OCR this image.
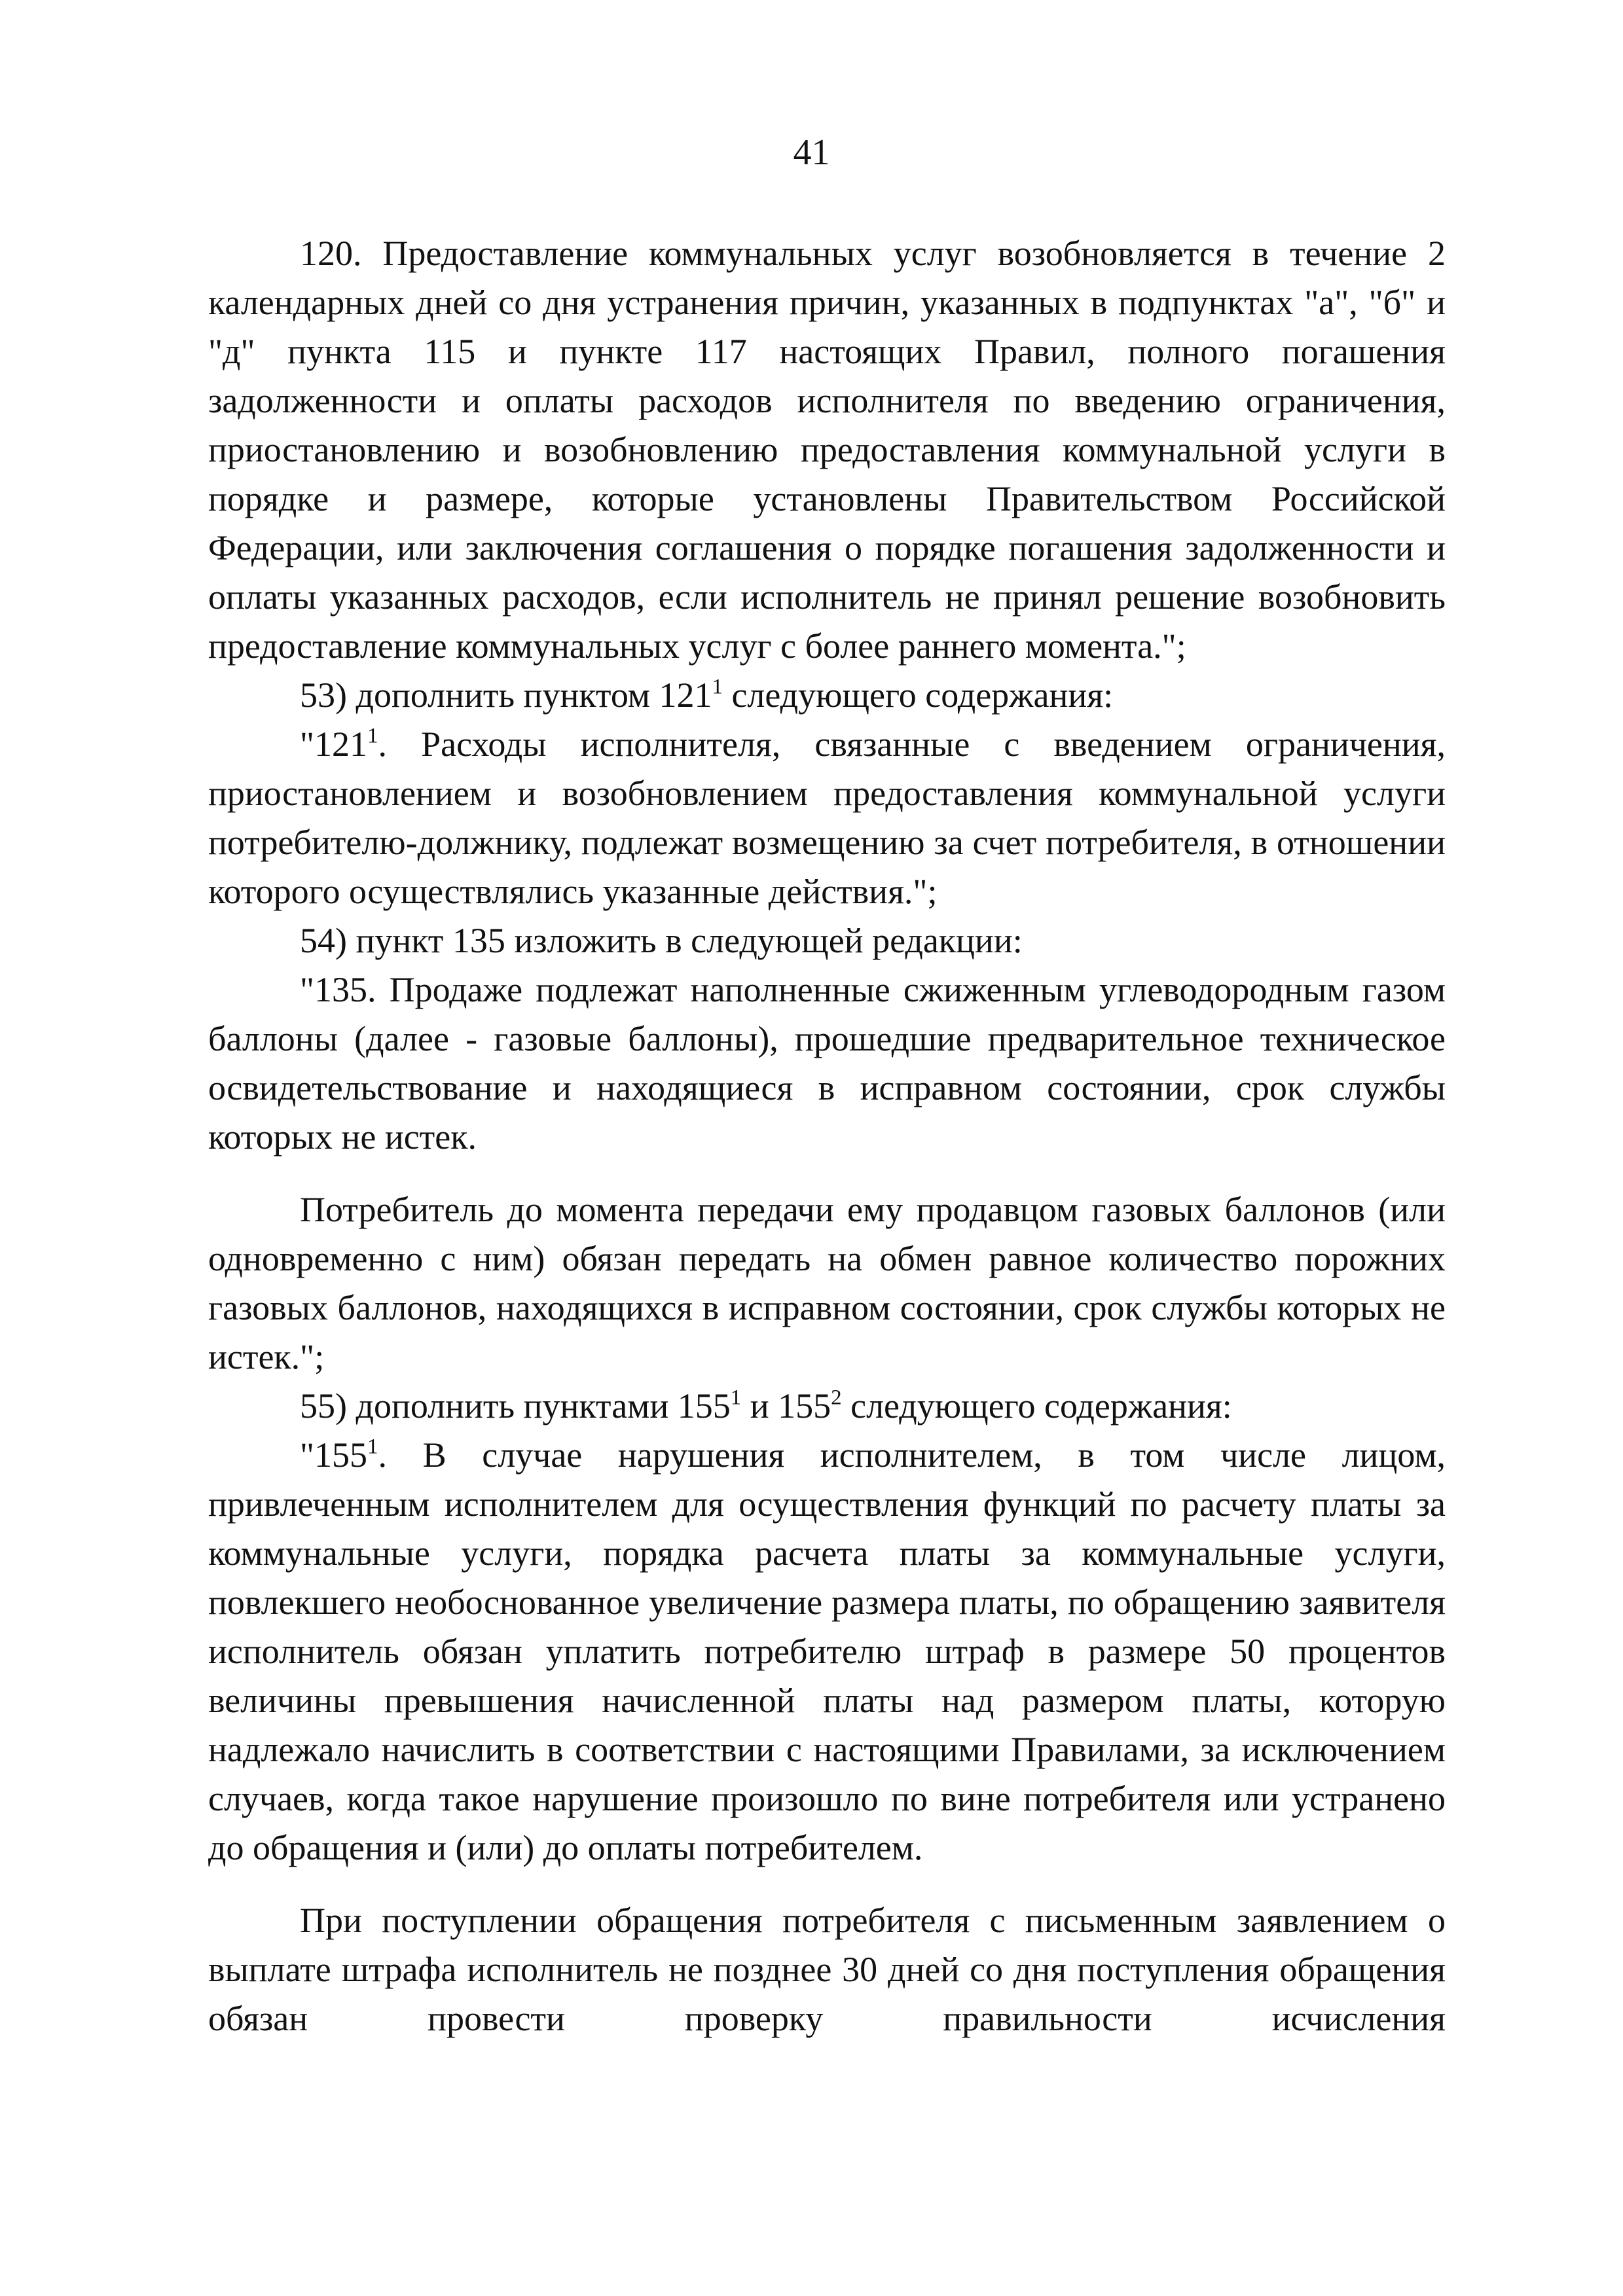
41

120. Предоставление коммунальных услуг возобновляется в течение 2 календарных дней со дня устранения причин, указанных в подпунктах "а", "б" и "д" пункта 115 и пункте 117 настоящих Правил, полного погашения задолженности и оплаты расходов исполнителя по введению ограничения, приостановлению и возобновлению предоставления коммунальной услуги в порядке и размере, которые установлены Правительством Российской Федерации, или заключения соглашения о порядке погашения задолженности и оплаты указанных расходов, если исполнитель не принял решение возобновить предоставление коммунальных услуг с более раннего момента.";

53) дополнить пунктом $121^1$ следующего содержания:

"$121^1$. Расходы исполнителя, связанные с введением ограничения, приостановлением и возобновлением предоставления коммунальной услуги потребителю-должнику, подлежат возмещению за счет потребителя, в отношении которого осуществлялись указанные действия.";

54) пункт 135 изложить в следующей редакции:

"135. Продаже подлежат наполненные сжиженным углеводородным газом баллоны (далее - газовые баллоны), прошедшие предварительное техническое освидетельствование и находящиеся в исправном состоянии, срок службы которых не истек.

Потребитель до момента передачи ему продавцом газовых баллонов (или одновременно с ним) обязан передать на обмен равное количество порожних газовых баллонов, находящихся в исправном состоянии, срок службы которых не истек.";

55) дополнить пунктами $155^1$ и $155^2$ следующего содержания:

"$155^1$. В случае нарушения исполнителем, в том числе лицом, привлеченным исполнителем для осуществления функций по расчету платы за коммунальные услуги, порядка расчета платы за коммунальные услуги, повлекшего необоснованное увеличение размера платы, по обращению заявителя исполнитель обязан уплатить потребителю штраф в размере 50 процентов величины превышения начисленной платы над размером платы, которую надлежало начислить в соответствии с настоящими Правилами, за исключением случаев, когда такое нарушение произошло по вине потребителя или устранено до обращения и (или) до оплаты потребителем.

При поступлении обращения потребителя с письменным заявлением о выплате штрафа исполнитель не позднее 30 дней со дня поступления обращения обязан провести проверку правильности исчисления
